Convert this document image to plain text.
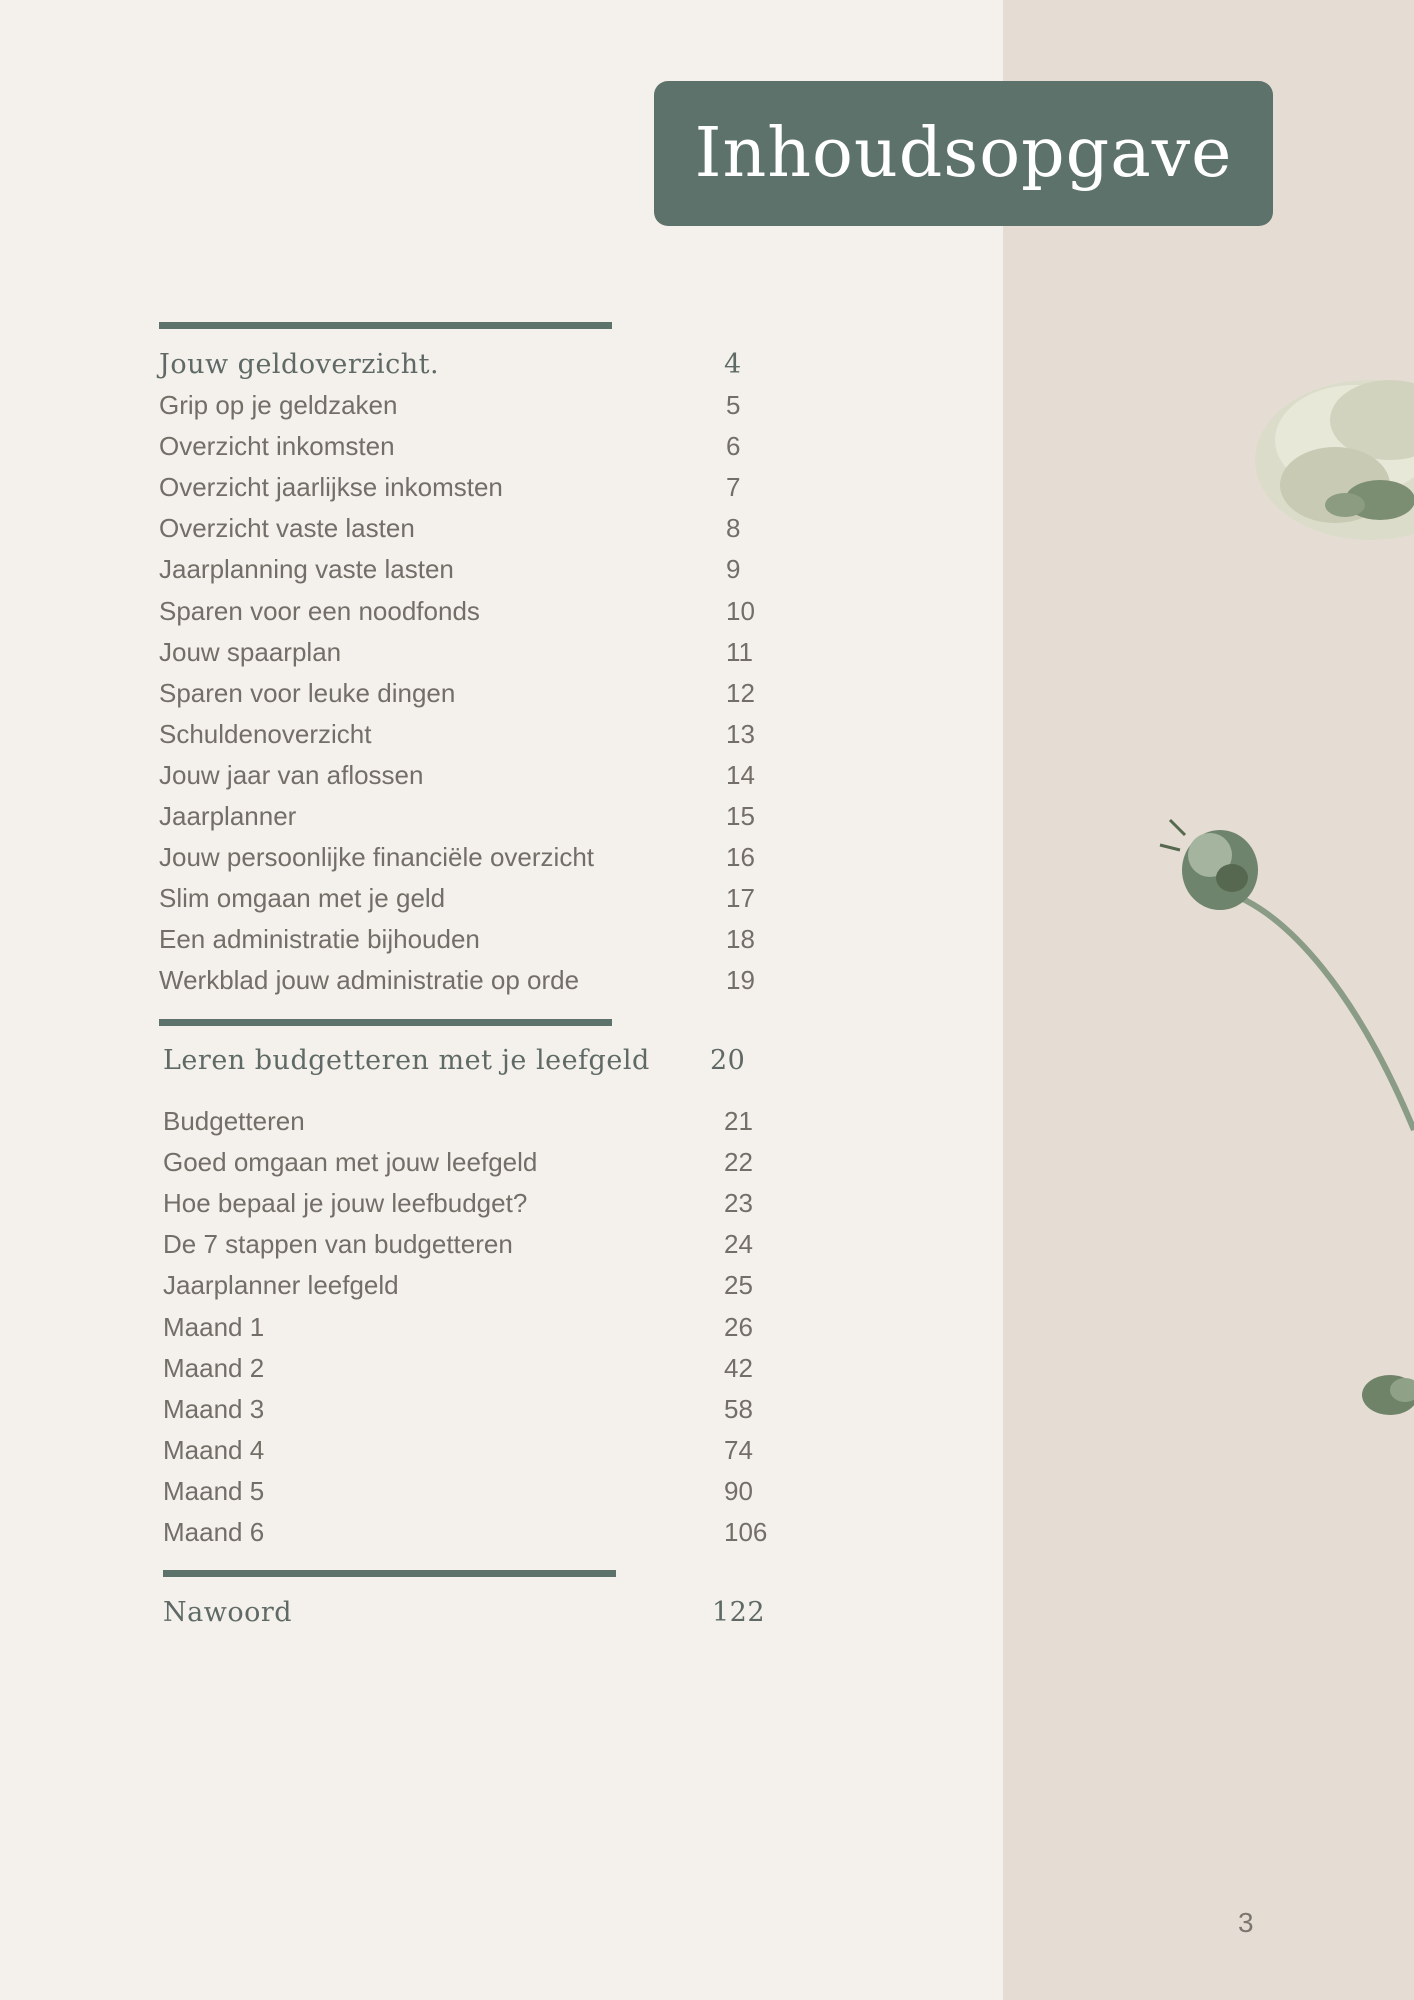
Inhoudsopgave
Jouw geldoverzicht.	4
Grip op je geldzaken	5
Overzicht inkomsten	6
Overzicht jaarlijkse inkomsten	7
Overzicht vaste lasten	8
Jaarplanning vaste lasten	9
Sparen voor een noodfonds	10
Jouw spaarplan	11
Sparen voor leuke dingen	12
Schuldenoverzicht	13
Jouw jaar van aflossen	14
Jaarplanner	15
Jouw persoonlijke financiële overzicht	16
Slim omgaan met je geld	17
Een administratie bijhouden	18
Werkblad jouw administratie op orde	19
Leren budgetteren met je leefgeld 20
Budgetteren	21
Goed omgaan met jouw leefgeld	22
Hoe bepaal je jouw leefbudget?	23
De 7 stappen van budgetteren	24
Jaarplanner leefgeld	25
Maand 1	26
Maand 2	42
Maand 3	58
Maand 4	74
Maand 5	90
Maand 6	106
Nawoord	122
3
